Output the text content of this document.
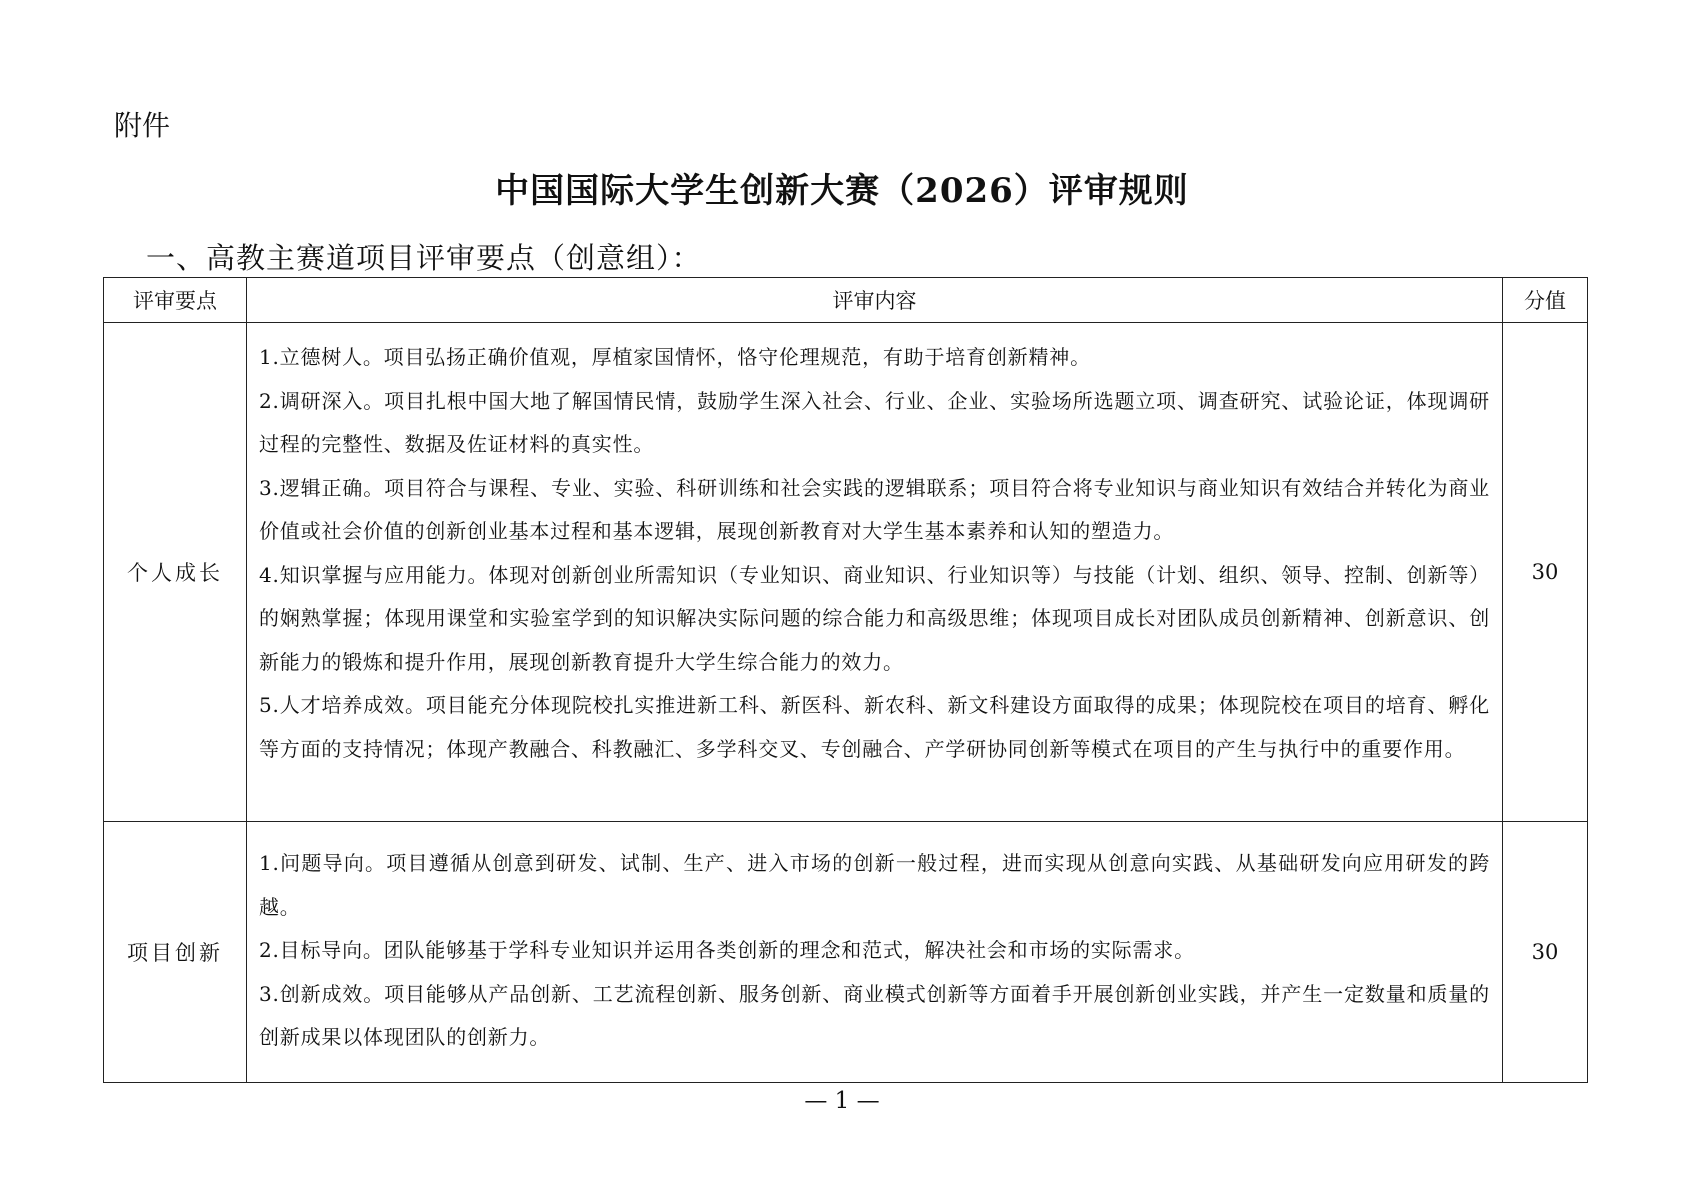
附件
中国国际大学生创新大赛（2026）评审规则
一、高教主赛道项目评审要点（创意组）：
评审要点	评审内容	分值
个人成长	1.立德树人。项目弘扬正确价值观，厚植家国情怀，恪守伦理规范，有助于培育创新精神。
2.调研深入。项目扎根中国大地了解国情民情，鼓励学生深入社会、行业、企业、实验场所选题立项、调查研究、试验论证，体现调研过程的完整性、数据及佐证材料的真实性。
3.逻辑正确。项目符合与课程、专业、实验、科研训练和社会实践的逻辑联系；项目符合将专业知识与商业知识有效结合并转化为商业价值或社会价值的创新创业基本过程和基本逻辑，展现创新教育对大学生基本素养和认知的塑造力。
4.知识掌握与应用能力。体现对创新创业所需知识（专业知识、商业知识、行业知识等）与技能（计划、组织、领导、控制、创新等）的娴熟掌握；体现用课堂和实验室学到的知识解决实际问题的综合能力和高级思维；体现项目成长对团队成员创新精神、创新意识、创新能力的锻炼和提升作用，展现创新教育提升大学生综合能力的效力。
5.人才培养成效。项目能充分体现院校扎实推进新工科、新医科、新农科、新文科建设方面取得的成果；体现院校在项目的培育、孵化等方面的支持情况；体现产教融合、科教融汇、多学科交叉、专创融合、产学研协同创新等模式在项目的产生与执行中的重要作用。	30
项目创新	1.问题导向。项目遵循从创意到研发、试制、生产、进入市场的创新一般过程，进而实现从创意向实践、从基础研发向应用研发的跨越。
2.目标导向。团队能够基于学科专业知识并运用各类创新的理念和范式，解决社会和市场的实际需求。
3.创新成效。项目能够从产品创新、工艺流程创新、服务创新、商业模式创新等方面着手开展创新创业实践，并产生一定数量和质量的创新成果以体现团队的创新力。	30
— 1 —
